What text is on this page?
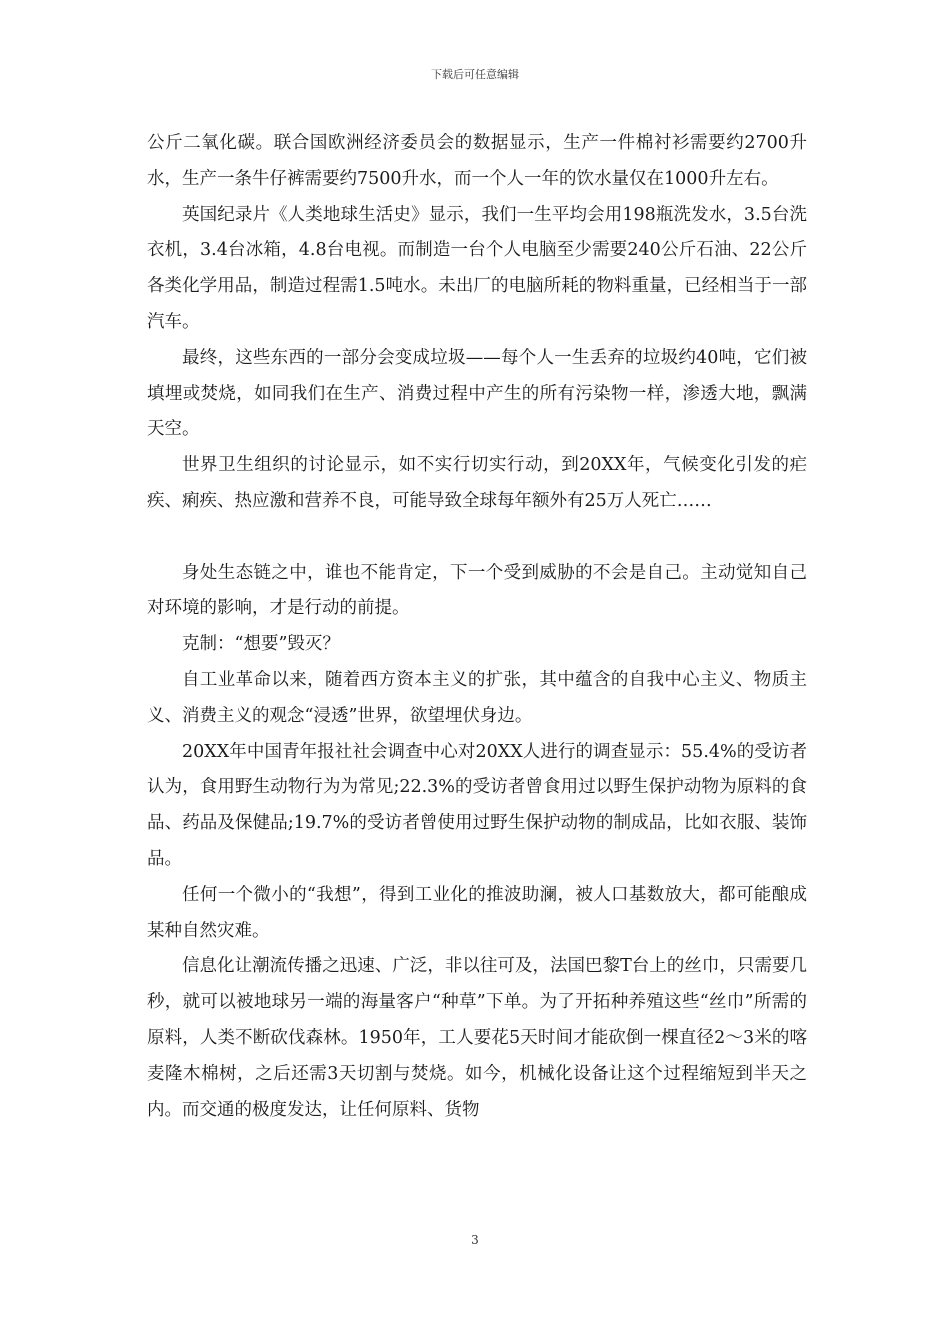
下载后可任意编辑

公斤二氧化碳。联合国欧洲经济委员会的数据显示，生产一件棉衬衫需要约2700升水，生产一条牛仔裤需要约7500升水，而一个人一年的饮水量仅在1000升左右。

英国纪录片《人类地球生活史》显示，我们一生平均会用198瓶洗发水，3.5台洗衣机，3.4台冰箱，4.8台电视。而制造一台个人电脑至少需要240公斤石油、22公斤各类化学用品，制造过程需1.5吨水。未出厂的电脑所耗的物料重量，已经相当于一部汽车。

最终，这些东西的一部分会变成垃圾——每个人一生丢弃的垃圾约40吨，它们被填埋或焚烧，如同我们在生产、消费过程中产生的所有污染物一样，渗透大地，飘满天空。

世界卫生组织的讨论显示，如不实行切实行动，到20XX年，气候变化引发的疟疾、痢疾、热应激和营养不良，可能导致全球每年额外有25万人死亡……

身处生态链之中，谁也不能肯定，下一个受到威胁的不会是自己。主动觉知自己对环境的影响，才是行动的前提。

克制：“想要”毁灭？

自工业革命以来，随着西方资本主义的扩张，其中蕴含的自我中心主义、物质主义、消费主义的观念“浸透”世界，欲望埋伏身边。

20XX年中国青年报社社会调查中心对20XX人进行的调查显示：55.4%的受访者认为，食用野生动物行为为常见;22.3%的受访者曾食用过以野生保护动物为原料的食品、药品及保健品;19.7%的受访者曾使用过野生保护动物的制成品，比如衣服、装饰品。

任何一个微小的“我想”，得到工业化的推波助澜，被人口基数放大，都可能酿成某种自然灾难。

信息化让潮流传播之迅速、广泛，非以往可及，法国巴黎T台上的丝巾，只需要几秒，就可以被地球另一端的海量客户“种草”下单。为了开拓种养殖这些“丝巾”所需的原料，人类不断砍伐森林。1950年，工人要花5天时间才能砍倒一棵直径2～3米的喀麦隆木棉树，之后还需3天切割与焚烧。如今，机械化设备让这个过程缩短到半天之内。而交通的极度发达，让任何原料、货物

3
